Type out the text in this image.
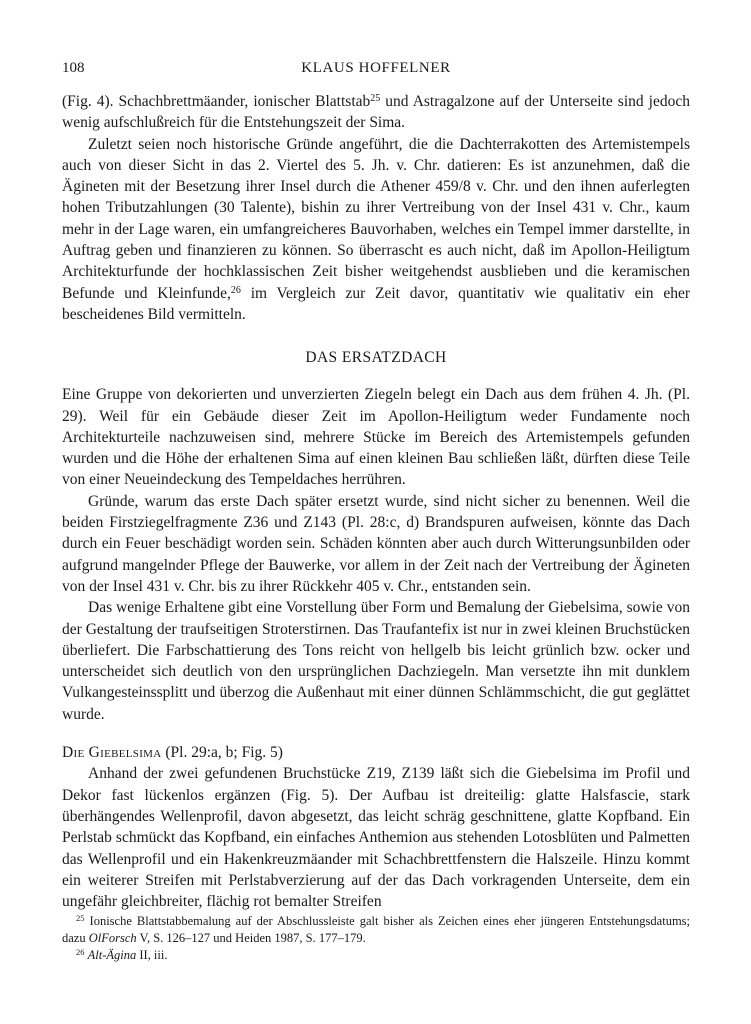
108	KLAUS HOFFELNER

(Fig. 4). Schachbrettmäander, ionischer Blattstab$^{25}$ und Astragalzone auf der Unterseite sind jedoch wenig aufschlußreich für die Entstehungszeit der Sima.

Zuletzt seien noch historische Gründe angeführt, die die Dachterrakotten des Artemistempels auch von dieser Sicht in das 2. Viertel des 5. Jh. v. Chr. datieren: Es ist anzunehmen, daß die Ägineten mit der Besetzung ihrer Insel durch die Athener 459/8 v. Chr. und den ihnen auferlegten hohen Tributzahlungen (30 Talente), bishin zu ihrer Vertreibung von der Insel 431 v. Chr., kaum mehr in der Lage waren, ein umfangreicheres Bauvorhaben, welches ein Tempel immer darstellte, in Auftrag geben und finanzieren zu können. So überrascht es auch nicht, daß im Apollon-Heiligtum Architekturfunde der hochklassischen Zeit bisher weitgehendst ausblieben und die keramischen Befunde und Kleinfunde,$^{26}$ im Vergleich zur Zeit davor, quantitativ wie qualitativ ein eher bescheidenes Bild vermitteln.

DAS ERSATZDACH

Eine Gruppe von dekorierten und unverzierten Ziegeln belegt ein Dach aus dem frühen 4. Jh. (Pl. 29). Weil für ein Gebäude dieser Zeit im Apollon-Heiligtum weder Fundamente noch Architekturteile nachzuweisen sind, mehrere Stücke im Bereich des Artemistempels gefunden wurden und die Höhe der erhaltenen Sima auf einen kleinen Bau schließen läßt, dürften diese Teile von einer Neueindeckung des Tempeldaches herrühren.

Gründe, warum das erste Dach später ersetzt wurde, sind nicht sicher zu benennen. Weil die beiden Firstziegelfragmente Z36 und Z143 (Pl. 28:c, d) Brandspuren aufweisen, könnte das Dach durch ein Feuer beschädigt worden sein. Schäden könnten aber auch durch Witterungsunbilden oder aufgrund mangelnder Pflege der Bauwerke, vor allem in der Zeit nach der Vertreibung der Ägineten von der Insel 431 v. Chr. bis zu ihrer Rückkehr 405 v. Chr., entstanden sein.

Das wenige Erhaltene gibt eine Vorstellung über Form und Bemalung der Giebelsima, sowie von der Gestaltung der traufseitigen Stroterstirnen. Das Traufantefix ist nur in zwei kleinen Bruchstücken überliefert. Die Farbschattierung des Tons reicht von hellgelb bis leicht grünlich bzw. ocker und unterscheidet sich deutlich von den ursprünglichen Dachziegeln. Man versetzte ihn mit dunklem Vulkangesteinssplitt und überzog die Außenhaut mit einer dünnen Schlämmschicht, die gut geglättet wurde.

Die Giebelsima (Pl. 29:a, b; Fig. 5)

Anhand der zwei gefundenen Bruchstücke Z19, Z139 läßt sich die Giebelsima im Profil und Dekor fast lückenlos ergänzen (Fig. 5). Der Aufbau ist dreiteilig: glatte Halsfascie, stark überhängendes Wellenprofil, davon abgesetzt, das leicht schräg geschnittene, glatte Kopfband. Ein Perlstab schmückt das Kopfband, ein einfaches Anthemion aus stehenden Lotosblüten und Palmetten das Wellenprofil und ein Hakenkreuzmäander mit Schachbrettfenstern die Halszeile. Hinzu kommt ein weiterer Streifen mit Perlstabverzierung auf der das Dach vorkragenden Unterseite, dem ein ungefähr gleichbreiter, flächig rot bemalter Streifen

$^{25}$ Ionische Blattstabbemalung auf der Abschlussleiste galt bisher als Zeichen eines eher jüngeren Entstehungsdatums; dazu OlForsch V, S. 126–127 und Heiden 1987, S. 177–179.

$^{26}$ Alt-Ägina II, iii.
